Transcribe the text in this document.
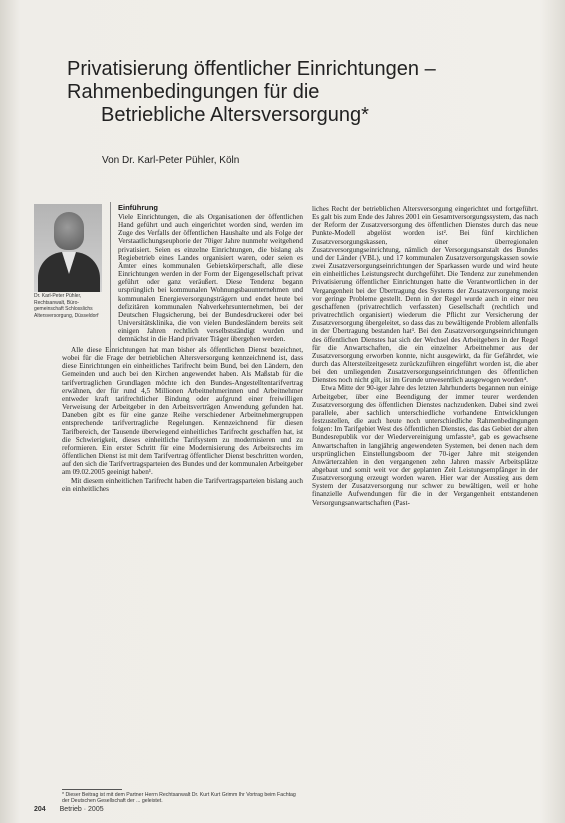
Privatisierung öffentlicher Einrichtungen –
Rahmenbedingungen für die
Betriebliche Altersversorgung*
Von Dr. Karl-Peter Pühler, Köln
Dr. Karl-Peter Pühler, Rechtsanwalt, Bürogemeinschaft Schlosslichs Altersversorgung, Düsseldorf
Einführung

Viele Einrichtungen, die als Organisationen der öffentlichen Hand geführt und auch eingerichtet worden sind, werden im Zuge des Verfalls der öffentlichen Haushalte und als Folge der Verstaatlichungseuphorie der 70iger Jahre nunmehr weitgehend privatisiert. Seien es einzelne Einrichtungen, die bislang als Regiebetrieb eines Landes organisiert waren, oder seien es Ämter eines kommunalen Gebietskörperschaft, alle diese Einrichtungen werden in der Form der Eigengesellschaft privat geführt oder ganz veräußert. Diese Tendenz begann ursprünglich bei kommunalen Wohnungsbauunternehmen und kommunalen Energieversorgungsträgern und endet heute bei defizitären kommunalen Nahverkehrsunternehmen, bei der Deutschen Flugsicherung, bei der Bundesdruckerei oder bei Universitätsklinika, die von vielen Bundesländern bereits seit einigen Jahren rechtlich verselbstständigt wurden und demnächst in die Hand privater Träger übergehen werden.

Alle diese Einrichtungen hat man bisher als öffentlichen Dienst bezeichnet, wobei für die Frage der betrieblichen Altersversorgung kennzeichnend ist, dass diese Einrichtungen ein einheitliches Tarifrecht beim Bund, bei den Ländern, den Gemeinden und auch bei den Kirchen angewendet haben. Als Maßstab für die tarifvertraglichen Grundlagen möchte ich den Bundes-Angestelltentarifvertrag erwähnen, der für rund 4,5 Millionen Arbeitnehmerinnen und Arbeitnehmer entweder kraft tarifrechtlicher Bindung oder aufgrund einer freiwilligen Verweisung der Arbeitgeber in den Arbeitsverträgen Anwendung gefunden hat. Daneben gibt es für eine ganze Reihe verschiedener Arbeitnehmergruppen entsprechende tarifvertragliche Regelungen. Kennzeichnend für diesen Tarifbereich, der Tausende überwiegend einheitliches Tarifrecht geschaffen hat, ist die Schwierigkeit, dieses einheitliche Tarifsystem zu modernisieren und zu reformieren. Ein erster Schritt für eine Modernisierung des Arbeitsrechts im öffentlichen Dienst ist mit dem Tarifvertrag öffentlicher Dienst beschritten worden, auf den sich die Tarifvertragsparteien des Bundes und der kommunalen Arbeitgeber am 09.02.2005 geeinigt haben¹.

Mit diesem einheitlichen Tarifrecht haben die Tarifvertragsparteien bislang auch ein einheitliches

liches Recht der betrieblichen Altersversorgung eingerichtet und fortgeführt. Es galt bis zum Ende des Jahres 2001 ein Gesamtversorgungssystem, das nach der Reform der Zusatzversorgung des öffentlichen Dienstes durch das neue Punkte-Modell abgelöst worden ist². Bei fünf kirchlichen Zusatzversorgungskassen, einer überregionalen Zusatzversorgungseinrichtung, nämlich der Versorgungsanstalt des Bundes und der Länder (VBL), und 17 kommunalen Zusatzversorgungskassen sowie zwei Zusatzversorgungseinrichtungen der Sparkassen wurde und wird heute ein einheitliches Leistungsrecht durchgeführt. Die Tendenz zur zunehmenden Privatisierung öffentlicher Einrichtungen hatte die Verantwortlichen in der Vergangenheit bei der Übertragung des Systems der Zusatzversorgung meist vor geringe Probleme gestellt. Denn in der Regel wurde auch in einer neu geschaffenen (privatrechtlich verfassten) Gesellschaft (rechtlich und privatrechtlich organisiert) wiederum die Pflicht zur Versicherung der Zusatzversorgung übergeleitet, so dass das zu bewältigende Problem allenfalls in der Übertragung bestanden hat³. Bei den Zusatzversorgungseinrichtungen des öffentlichen Dienstes hat sich der Wechsel des Arbeitgebers in der Regel für die Anwartschaften, die ein einzelner Arbeitnehmer aus der Zusatzversorgung erworben konnte, nicht ausgewirkt, da für Gefährdet, wie durch das Altersteilzeitgesetz zurückzuführen eingeführt worden ist, die aber bei den umliegenden Zusatzversorgungseinrichtungen des öffentlichen Dienstes noch nicht gilt, ist im Grunde unwesentlich ausgewogen worden⁴.

Etwa Mitte der 90-iger Jahre des letzten Jahrhunderts begannen nun einige Arbeitgeber, über eine Beendigung der immer teurer werdenden Zusatzversorgung des öffentlichen Dienstes nachzudenken. Dabei sind zwei parallele, aber sachlich unterschiedliche vorhandene Entwicklungen festzustellen, die auch heute noch unterschiedliche Rahmenbedingungen folgen: Im Tarifgebiet West des öffentlichen Dienstes, das das Gebiet der alten Bundesrepublik vor der Wiedervereinigung umfasste⁵, gab es gewachsene Anwartschaften in langjährig angewendeten Systemen, bei denen nach dem ursprünglichen Einstellungsboom der 70-iger Jahre mit steigenden Anwärterzahlen in den vergangenen zehn Jahren massiv Arbeitsplätze abgebaut und somit weit vor der geplanten Zeit Leistungsempfänger in der Zusatzversorgung erzeugt worden waren. Hier war der Ausstieg aus dem System der Zusatzversorgung nur schwer zu bewältigen, weil er hohe finanzielle Aufwendungen für die in der Vergangenheit entstandenen Versorgungsanwartschaften (Past-

* Dieser Beitrag ist mit dem Partner Herrn Rechtsanwalt Dr. Kurt Kurt Grimm Ihr Vortrag beim Fachtag der Deutschen Gesellschaft der ... geleistet.
204 Betrieb · 2005
